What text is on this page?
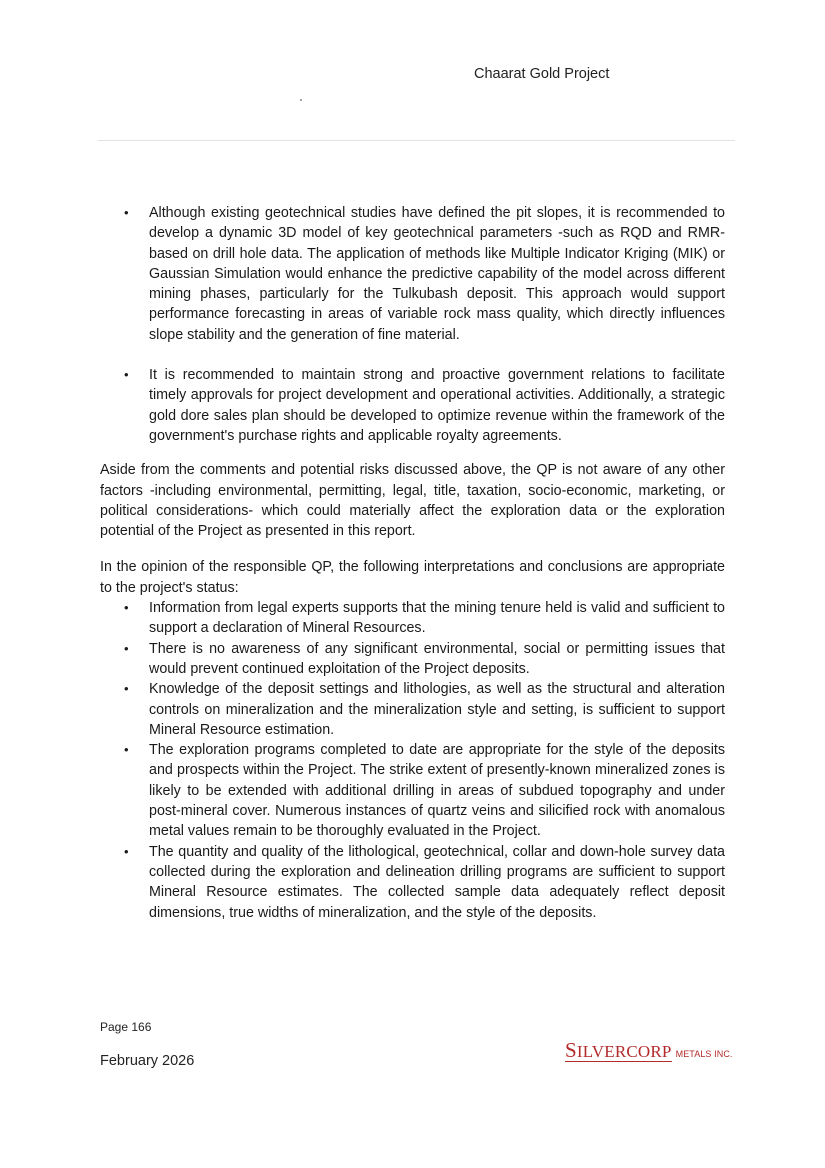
Chaarat Gold Project
• Although existing geotechnical studies have defined the pit slopes, it is recommended to develop a dynamic 3D model of key geotechnical parameters -such as RQD and RMR- based on drill hole data. The application of methods like Multiple Indicator Kriging (MIK) or Gaussian Simulation would enhance the predictive capability of the model across different mining phases, particularly for the Tulkubash deposit. This approach would support performance forecasting in areas of variable rock mass quality, which directly influences slope stability and the generation of fine material.
• It is recommended to maintain strong and proactive government relations to facilitate timely approvals for project development and operational activities. Additionally, a strategic gold dore sales plan should be developed to optimize revenue within the framework of the government's purchase rights and applicable royalty agreements.

Aside from the comments and potential risks discussed above, the QP is not aware of any other factors -including environmental, permitting, legal, title, taxation, socio-economic, marketing, or political considerations- which could materially affect the exploration data or the exploration potential of the Project as presented in this report.

In the opinion of the responsible QP, the following interpretations and conclusions are appropriate to the project's status:

• Information from legal experts supports that the mining tenure held is valid and sufficient to support a declaration of Mineral Resources.
• There is no awareness of any significant environmental, social or permitting issues that would prevent continued exploitation of the Project deposits.
• Knowledge of the deposit settings and lithologies, as well as the structural and alteration controls on mineralization and the mineralization style and setting, is sufficient to support Mineral Resource estimation.
• The exploration programs completed to date are appropriate for the style of the deposits and prospects within the Project. The strike extent of presently-known mineralized zones is likely to be extended with additional drilling in areas of subdued topography and under post-mineral cover. Numerous instances of quartz veins and silicified rock with anomalous metal values remain to be thoroughly evaluated in the Project.
• The quantity and quality of the lithological, geotechnical, collar and down-hole survey data collected during the exploration and delineation drilling programs are sufficient to support Mineral Resource estimates. The collected sample data adequately reflect deposit dimensions, true widths of mineralization, and the style of the deposits.
Page 166
February 2026	SILVERCORP METALS INC.
